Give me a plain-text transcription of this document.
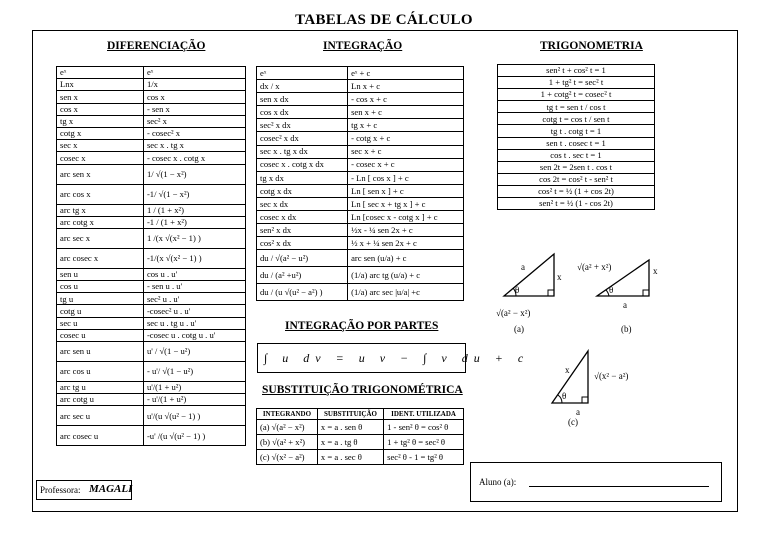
TABELAS DE CÁLCULO
DIFERENCIAÇÃO	INTEGRAÇÃO	TRIGONOMETRIA
eˣ	eˣ
Lnx	1/x
sen x	cos x
cos x	- sen x
tg x	sec² x
cotg x	- cosec² x
sec x	sec x . tg x
cosec x	- cosec x . cotg x
arc sen x	1/ √(1 − x²)
arc cos x	-1/ √(1 − x²)
arc tg x	1 / (1 + x²)
arc cotg x	-1 / (1 + x²)
arc sec x	1 /(x √(x² − 1) )
arc cosec x	-1/(x √(x² − 1) )
sen u	cos u . u'
cos u	- sen u . u'
tg u	sec² u . u'
cotg u	-cosec² u . u'
sec u	sec u . tg u . u'
cosec u	-cosec u . cotg u . u'
arc sen u	u' / √(1 − u²)
arc cos u	- u'/ √(1 − u²)
arc tg u	u'/(1 + u²)
arc cotg u	- u'/(1 + u²)
arc sec u	u'/(u √(u² − 1) )
arc cosec u	-u' /(u √(u² − 1) )
eˣ	eˣ + c
dx / x	Ln x + c
sen x dx	- cos x + c
cos x dx	sen x + c
sec² x dx	tg x + c
cosec² x dx	- cotg x + c
sec x . tg x dx	sec x + c
cosec x . cotg x dx	- cosec x + c
tg x dx	- Ln [ cos x ] + c
cotg x dx	Ln [ sen x ] + c
sec x dx	Ln [ sec x + tg x ] + c
cosec x dx	Ln [cosec x - cotg x ] + c
sen² x dx	½x - ¼ sen 2x + c
cos² x dx	½ x + ¼ sen 2x + c
du / √(a² − u²)	arc sen (u/a) + c
du / (a² +u²)	(1/a) arc tg (u/a) + c
du / (u √(u² − a²) )	(1/a) arc sec |u/a| +c
sen² t + cos² t = 1
1 + tg² t = sec² t
1 + cotg² t = cosec² t
tg t = sen t / cos t
cotg t = cos t / sen t
tg t . cotg t = 1
sen t . cosec t = 1
cos t . sec t = 1
sen 2t = 2sen t . cos t
cos 2t = cos² t - sen² t
cos² t = ½ (1 + cos 2t)
sen² t = ½ (1 - cos 2t)
θ
a
x
√(a² − x²)
(a)
θ
√(a² + x²)	x
a
(b)
θ
x
√(x² − a²)
a
(c)
INTEGRAÇÃO POR PARTES
∫ u dv = u v − ∫ v du + c
SUBSTITUIÇÃO TRIGONOMÉTRICA
INTEGRANDO	SUBSTITUIÇÃO	IDENT. UTILIZADA
(a) √(a² − x²)	x = a . sen θ	1 - sen² θ = cos² θ
(b) √(a² + x²)	x = a . tg θ	1 + tg² θ = sec² θ
(c) √(x² − a²)	x = a . sec θ	sec² θ - 1 = tg² θ
Professora: MAGALI
Aluno (a):
